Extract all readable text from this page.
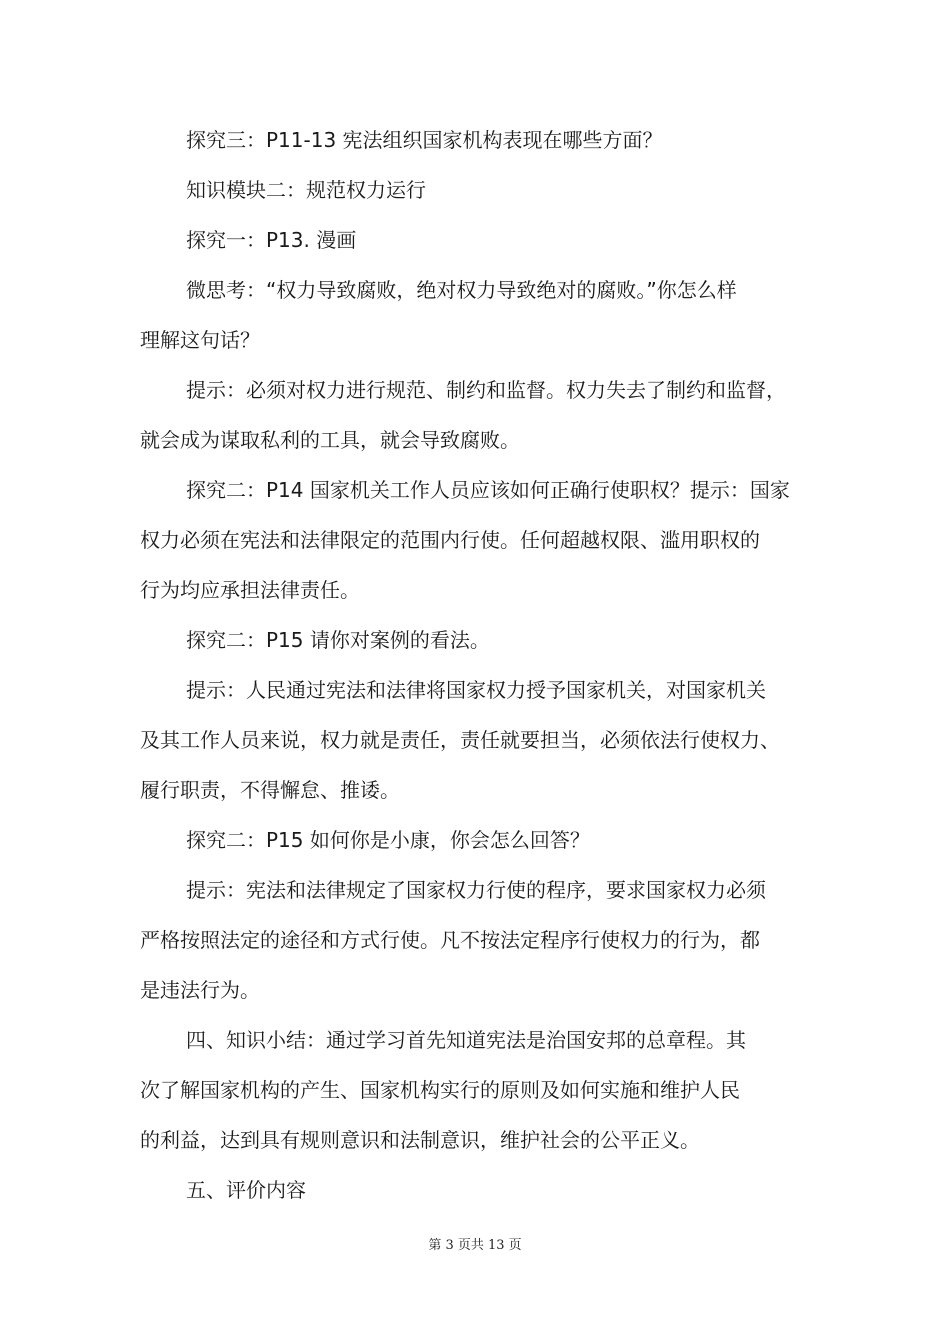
探究三：P11-13 宪法组织国家机构表现在哪些方面？
知识模块二：规范权力运行
探究一：P13. 漫画
微思考：“权力导致腐败，绝对权力导致绝对的腐败。”你怎么样
理解这句话？
提示：必须对权力进行规范、制约和监督。权力失去了制约和监督，
就会成为谋取私利的工具，就会导致腐败。
探究二：P14 国家机关工作人员应该如何正确行使职权？提示：国家
权力必须在宪法和法律限定的范围内行使。任何超越权限、滥用职权的
行为均应承担法律责任。
探究二：P15 请你对案例的看法。
提示：人民通过宪法和法律将国家权力授予国家机关，对国家机关
及其工作人员来说，权力就是责任，责任就要担当，必须依法行使权力、
履行职责，不得懈怠、推诿。
探究二：P15 如何你是小康，你会怎么回答？
提示：宪法和法律规定了国家权力行使的程序，要求国家权力必须
严格按照法定的途径和方式行使。凡不按法定程序行使权力的行为，都
是违法行为。
四、知识小结：通过学习首先知道宪法是治国安邦的总章程。其
次了解国家机构的产生、国家机构实行的原则及如何实施和维护人民
的利益，达到具有规则意识和法制意识，维护社会的公平正义。
五、评价内容
第 3 页共 13 页
